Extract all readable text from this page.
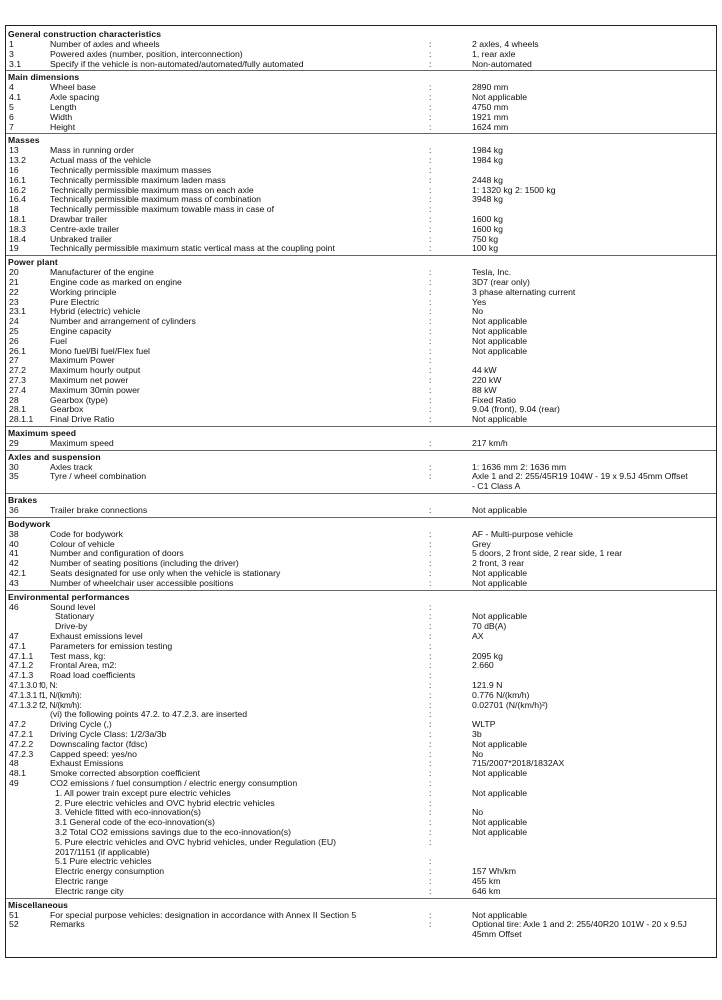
General construction characteristics
1	Number of axles and wheels	:	2 axles, 4 wheels
3	Powered axles (number, position, interconnection)	:	1, rear axle
3.1	Specify if the vehicle is non-automated/automated/fully automated	:	Non-automated
Main dimensions
4	Wheel base	:	2890 mm
4.1	Axle spacing	:	Not applicable
5	Length	:	4750 mm
6	Width	:	1921 mm
7	Height	:	1624 mm
Masses
13	Mass in running order	:	1984 kg
13.2	Actual mass of the vehicle	:	1984 kg
16	Technically permissible maximum masses	:
16.1	Technically permissible maximum laden mass	:	2448 kg
16.2	Technically permissible maximum mass on each axle	:	1: 1320 kg 2: 1500 kg
16.4	Technically permissible maximum mass of combination	:	3948 kg
18	Technically permissible maximum towable mass in case of	:
18.1	Drawbar trailer	:	1600 kg
18.3	Centre-axle trailer	:	1600 kg
18.4	Unbraked trailer	:	750 kg
19	Technically permissible maximum static vertical mass at the coupling point	:	100 kg
Power plant
20	Manufacturer of the engine	:	Tesla, Inc.
21	Engine code as marked on engine	:	3D7 (rear only)
22	Working principle	:	3 phase alternating current
23	Pure Electric	:	Yes
23.1	Hybrid (electric) vehicle	:	No
24	Number and arrangement of cylinders	:	Not applicable
25	Engine capacity	:	Not applicable
26	Fuel	:	Not applicable
26.1	Mono fuel/Bi fuel/Flex fuel	:	Not applicable
27	Maximum Power	:
27.2	Maximum hourly output	:	44 kW
27.3	Maximum net power	:	220 kW
27.4	Maximum 30min power	:	88 kW
28	Gearbox (type)	:	Fixed Ratio
28.1	Gearbox	:	9.04 (front), 9.04 (rear)
28.1.1 Final Drive Ratio	:	Not applicable
Maximum speed
29	Maximum speed	:	217 km/h
Axles and suspension
30	Axles track	:	1: 1636 mm 2: 1636 mm
35	Tyre / wheel combination	:	Axle 1 and 2: 255/45R19 104W - 19 x 9.5J 45mm Offset
- C1 Class A
Brakes
36	Trailer brake connections	:	Not applicable
Bodywork
38	Code for bodywork	:	AF - Multi-purpose vehicle
40	Colour of vehicle	:	Grey
41	Number and configuration of doors	:	5 doors, 2 front side, 2 rear side, 1 rear
42	Number of seating positions (including the driver)	:	2 front, 3 rear
42.1	Seats designated for use only when the vehicle is stationary	:	Not applicable
43	Number of wheelchair user accessible positions	:	Not applicable
Environmental performances
46	Sound level	:
Stationary	:	Not applicable
Drive-by	:	70 dB(A)
47	Exhaust emissions level	:	AX
47.1	Parameters for emission testing	:
47.1.1 Test mass, kg:	:	2095 kg
47.1.2 Frontal Area, m2:	:	2.660
47.1.3 Road load coefficients	:
47.1.3.0 f0, N:	:	121.9 N
47.1.3.1 f1, N/(km/h):	:	0.776 N/(km/h)
47.1.3.2 f2, N/(km/h):	:	0.02701 (N/(km/h)²)
(vi) the following points 47.2. to 47.2.3. are inserted	:
47.2	Driving Cycle (,)	:	WLTP
47.2.1 Driving Cycle Class: 1/2/3a/3b	:	3b
47.2.2 Downscaling factor (fdsc)	:	Not applicable
47.2.3 Capped speed: yes/no	:	No
48	Exhaust Emissions	:	715/2007*2018/1832AX
48.1	Smoke corrected absorption coefficient	:	Not applicable
49	CO2 emissions / fuel consumption / electric energy consumption	:
1. All power train except pure electric vehicles	:	Not applicable
2. Pure electric vehicles and OVC hybrid electric vehicles	:
3. Vehicle fitted with eco-innovation(s)	:	No
3.1 General code of the eco-innovation(s)	:	Not applicable
3.2 Total CO2 emissions savings due to the eco-innovation(s)	:	Not applicable
5. Pure electric vehicles and OVC hybrid vehicles, under Regulation (EU)	:
2017/1151 (if applicable)
5.1 Pure electric vehicles	:
Electric energy consumption	:	157 Wh/km
Electric range	:	455 km
Electric range city	:	646 km
Miscellaneous
51	For special purpose vehicles: designation in accordance with Annex II Section 5	:	Not applicable
52	Remarks	:	Optional tire: Axle 1 and 2: 255/40R20 101W - 20 x 9.5J
45mm Offset
